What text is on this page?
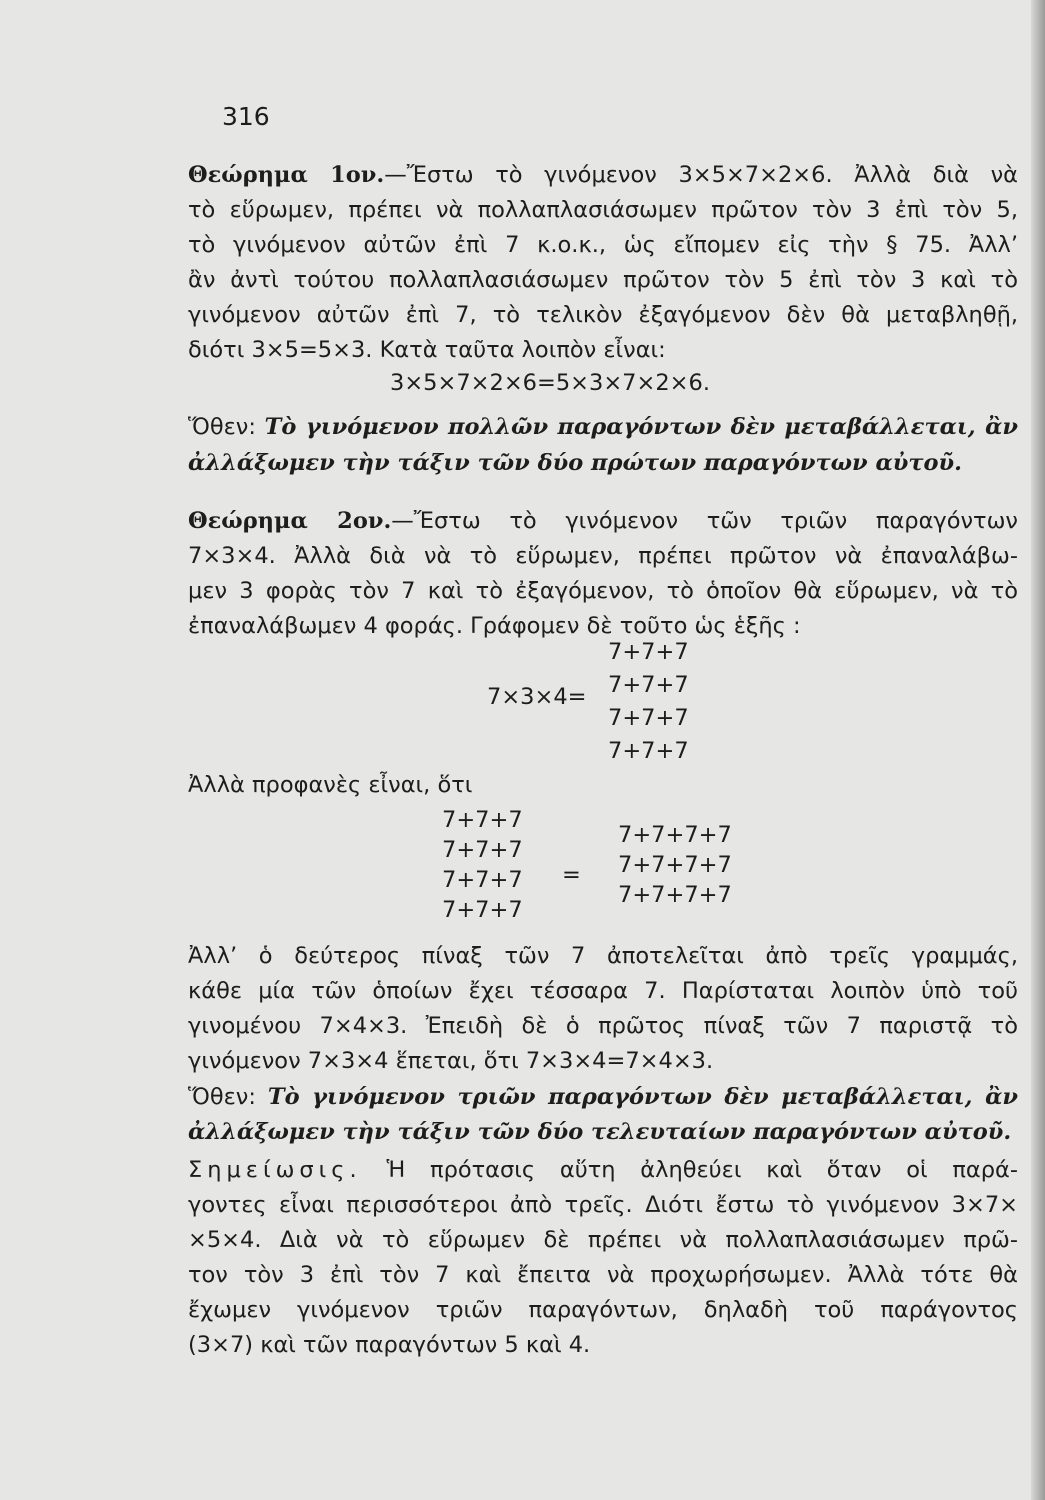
316

Θεώρημα 1ον.—Ἔστω τὸ γινόμενον 3×5×7×2×6. Ἀλλὰ διὰ νὰ

τὸ εὕρωμεν, πρέπει νὰ πολλαπλασιάσωμεν πρῶτον τὸν 3 ἐπὶ τὸν 5,

τὸ γινόμενον αὐτῶν ἐπὶ 7 κ.ο.κ., ὡς εἴπομεν εἰς τὴν § 75. Ἀλλ’

ἂν ἀντὶ τούτου πολλαπλασιάσωμεν πρῶτον τὸν 5 ἐπὶ τὸν 3 καὶ τὸ

γινόμενον αὐτῶν ἐπὶ 7, τὸ τελικὸν ἐξαγόμενον δὲν θὰ μεταβληθῇ,

διότι 3×5=5×3. Κατὰ ταῦτα λοιπὸν εἶναι:

3×5×7×2×6=5×3×7×2×6.

Ὅθεν: Τὸ γινόμενον πολλῶν παραγόντων δὲν μεταβάλλεται, ἂν

ἀλλάξωμεν τὴν τάξιν τῶν δύο πρώτων παραγόντων αὐτοῦ.

Θεώρημα 2ον.—Ἔστω τὸ γινόμενον τῶν τριῶν παραγόντων

7×3×4. Ἀλλὰ διὰ νὰ τὸ εὕρωμεν, πρέπει πρῶτον νὰ ἐπαναλάβω-

μεν 3 φορὰς τὸν 7 καὶ τὸ ἐξαγόμενον, τὸ ὁποῖον θὰ εὕρωμεν, νὰ τὸ

ἐπαναλάβωμεν 4 φοράς. Γράφομεν δὲ τοῦτο ὡς ἑξῆς :

7×3×4=
7+7+7
7+7+7
7+7+7
7+7+7

Ἀλλὰ προφανὲς εἶναι, ὅτι

7+7+7
7+7+7
7+7+7
7+7+7
=
7+7+7+7
7+7+7+7
7+7+7+7

Ἀλλ’ ὁ δεύτερος πίναξ τῶν 7 ἀποτελεῖται ἀπὸ τρεῖς γραμμάς,

κάθε μία τῶν ὁποίων ἔχει τέσσαρα 7. Παρίσταται λοιπὸν ὑπὸ τοῦ

γινομένου 7×4×3. Ἐπειδὴ δὲ ὁ πρῶτος πίναξ τῶν 7 παριστᾷ τὸ

γινόμενον 7×3×4 ἕπεται, ὅτι 7×3×4=7×4×3.

Ὅθεν: Τὸ γινόμενον τριῶν παραγόντων δὲν μεταβάλλεται, ἂν

ἀλλάξωμεν τὴν τάξιν τῶν δύο τελευταίων παραγόντων αὐτοῦ.

Σημείωσις. Ἡ πρότασις αὕτη ἀληθεύει καὶ ὅταν οἱ παρά-

γοντες εἶναι περισσότεροι ἀπὸ τρεῖς. Διότι ἔστω τὸ γινόμενον 3×7×

×5×4. Διὰ νὰ τὸ εὕρωμεν δὲ πρέπει νὰ πολλαπλασιάσωμεν πρῶ-

τον τὸν 3 ἐπὶ τὸν 7 καὶ ἔπειτα νὰ προχωρήσωμεν. Ἀλλὰ τότε θὰ

ἔχωμεν γινόμενον τριῶν παραγόντων, δηλαδὴ τοῦ παράγοντος

(3×7) καὶ τῶν παραγόντων 5 καὶ 4.
